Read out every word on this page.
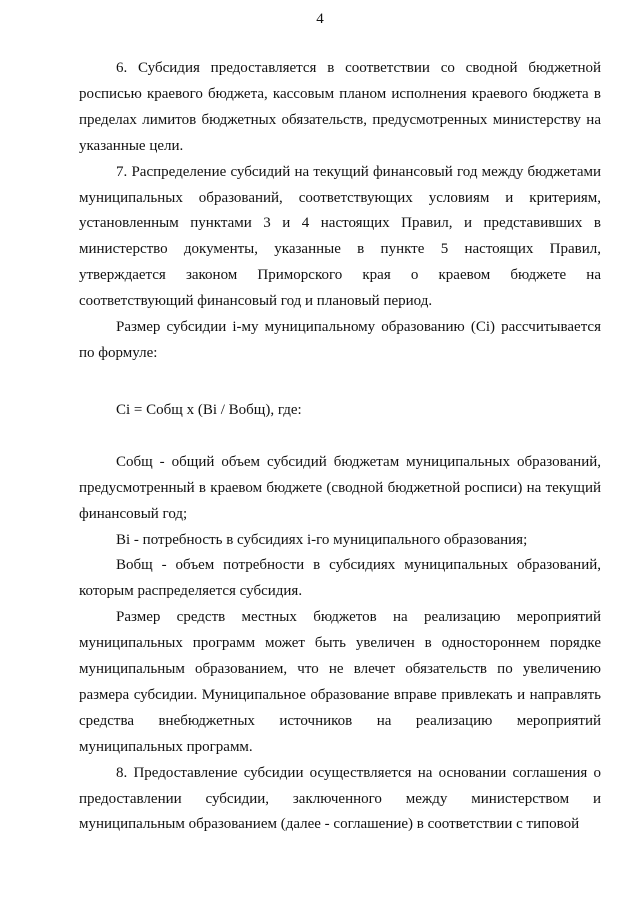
4

6. Субсидия предоставляется в соответствии со сводной бюджетной росписью краевого бюджета, кассовым планом исполнения краевого бюджета в пределах лимитов бюджетных обязательств, предусмотренных министерству на указанные цели.

7. Распределение субсидий на текущий финансовый год между бюджетами муниципальных образований, соответствующих условиям и критериям, установленным пунктами 3 и 4 настоящих Правил, и представивших в министерство документы, указанные в пункте 5 настоящих Правил, утверждается законом Приморского края о краевом бюджете на соответствующий финансовый год и плановый период.

Размер субсидии i-му муниципальному образованию (Ci) рассчитывается по формуле:

Ci = Cобщ x (Bi / Bобщ), где:

Cобщ - общий объем субсидий бюджетам муниципальных образований, предусмотренный в краевом бюджете (сводной бюджетной росписи) на текущий финансовый год;

Bi - потребность в субсидиях i-го муниципального образования;

Bобщ - объем потребности в субсидиях муниципальных образований, которым распределяется субсидия.

Размер средств местных бюджетов на реализацию мероприятий муниципальных программ может быть увеличен в одностороннем порядке муниципальным образованием, что не влечет обязательств по увеличению размера субсидии. Муниципальное образование вправе привлекать и направлять средства внебюджетных источников на реализацию мероприятий муниципальных программ.

8. Предоставление субсидии осуществляется на основании соглашения о предоставлении субсидии, заключенного между министерством и муниципальным образованием (далее - соглашение) в соответствии с типовой
